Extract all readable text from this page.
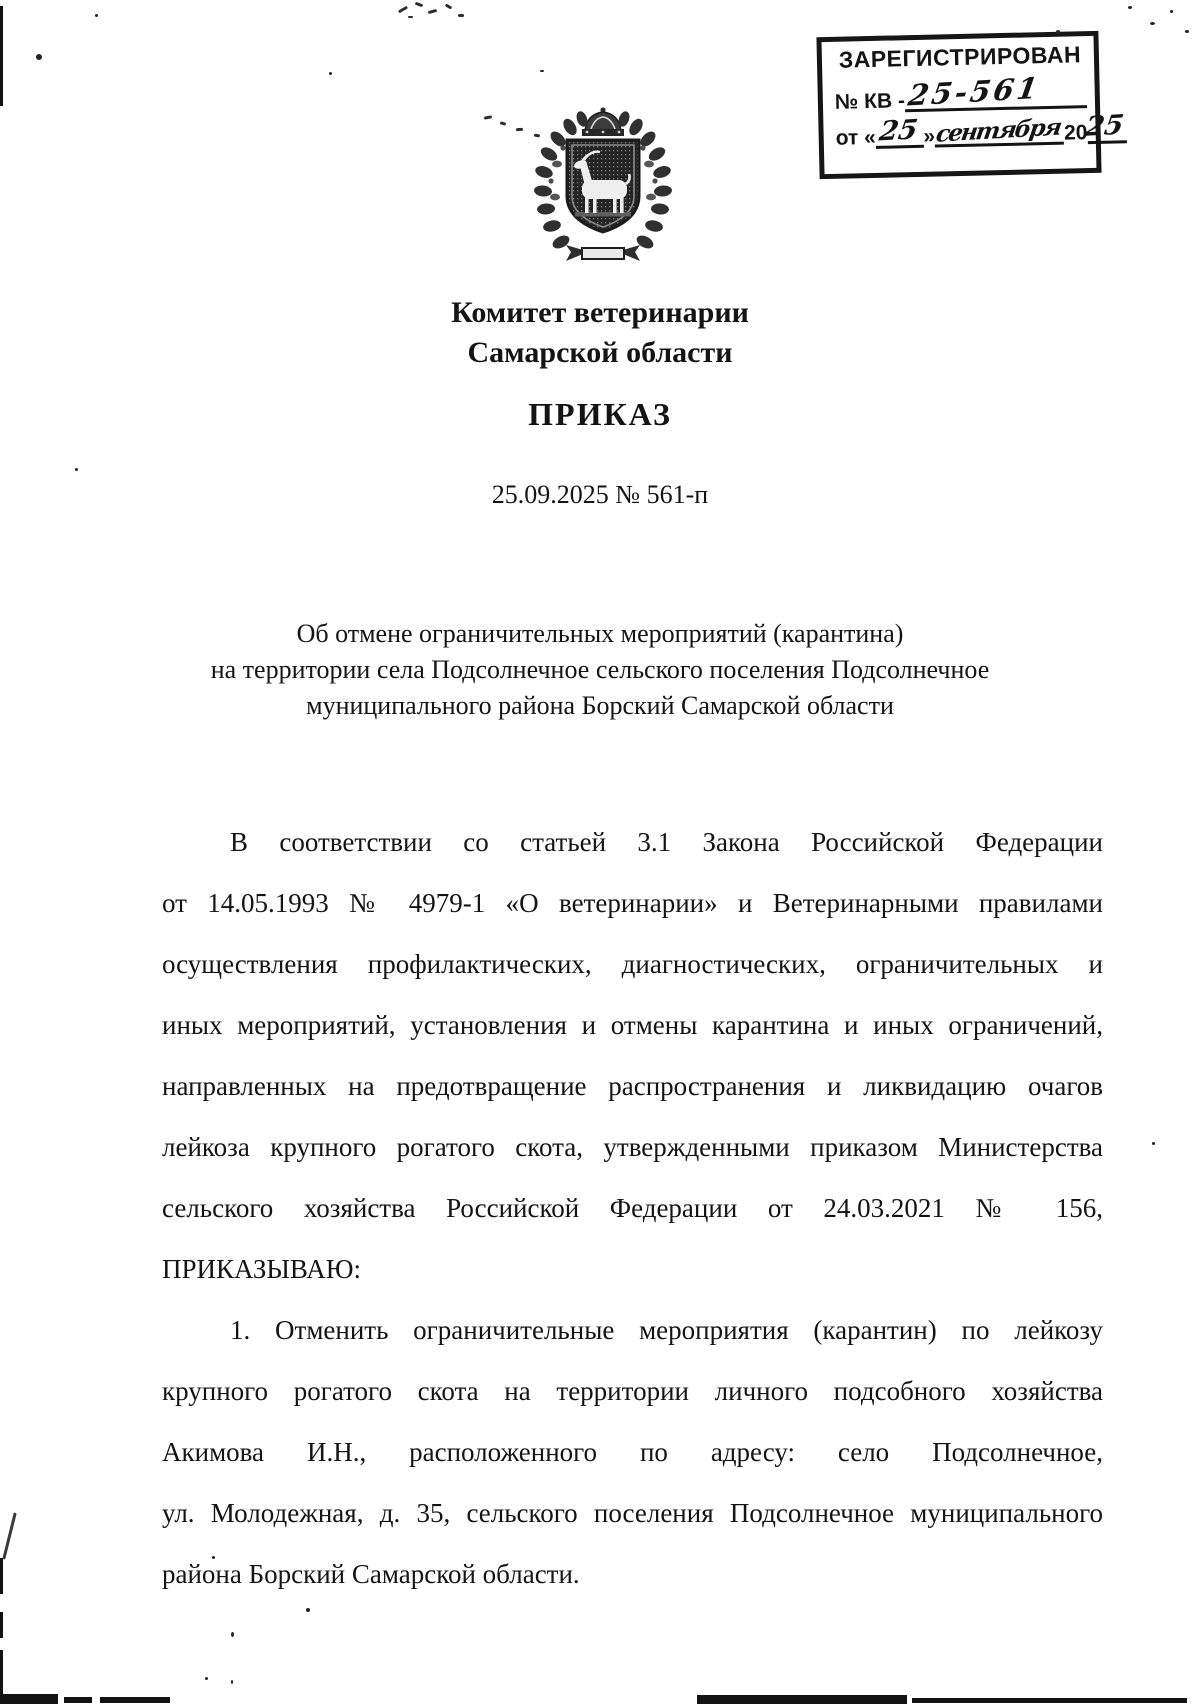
ЗАРЕГИСТРИРОВАН
№ КВ - 25-561
от « 25 » сентября 20
25
Комитет ветеринарии
Самарской области
ПРИКАЗ
25.09.2025 № 561-п
Об отмене ограничительных мероприятий (карантина)
на территории села Подсолнечное сельского поселения Подсолнечное
муниципального района Борский Самарской области
В соответствии со статьей 3.1 Закона Российской Федерации
от 14.05.1993 № 4979-1 «О ветеринарии» и Ветеринарными правилами
осуществления профилактических, диагностических, ограничительных и
иных мероприятий, установления и отмены карантина и иных ограничений,
направленных на предотвращение распространения и ликвидацию очагов
лейкоза крупного рогатого скота, утвержденными приказом Министерства
сельского хозяйства Российской Федерации от 24.03.2021 № 156,
ПРИКАЗЫВАЮ:
1. Отменить ограничительные мероприятия (карантин) по лейкозу
крупного рогатого скота на территории личного подсобного хозяйства
Акимова И.Н., расположенного по адресу: село Подсолнечное,
ул. Молодежная, д. 35, сельского поселения Подсолнечное муниципального
района Борский Самарской области.
